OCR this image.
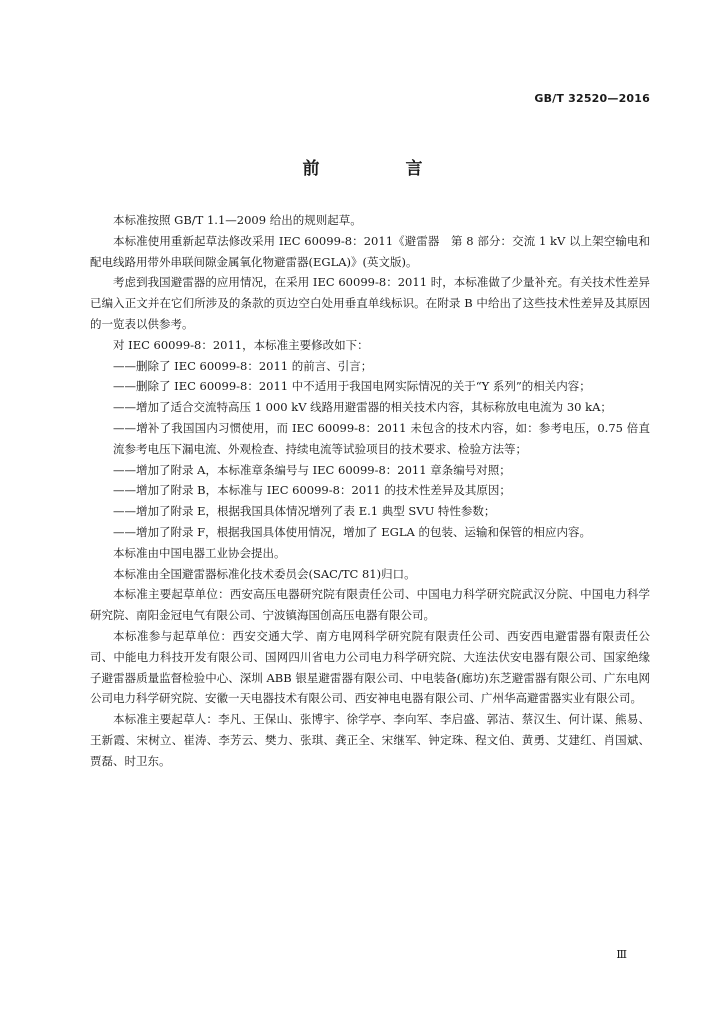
GB/T 32520—2016
前 言

本标准按照 GB/T 1.1—2009 给出的规则起草。

本标准使用重新起草法修改采用 IEC 60099-8：2011《避雷器　第 8 部分：交流 1 kV 以上架空输电和配电线路用带外串联间隙金属氧化物避雷器(EGLA)》(英文版)。

考虑到我国避雷器的应用情况，在采用 IEC 60099-8：2011 时，本标准做了少量补充。有关技术性差异已编入正文并在它们所涉及的条款的页边空白处用垂直单线标识。在附录 B 中给出了这些技术性差异及其原因的一览表以供参考。

对 IEC 60099-8：2011，本标准主要修改如下：

——删除了 IEC 60099-8：2011 的前言、引言；

——删除了 IEC 60099-8：2011 中不适用于我国电网实际情况的关于“Y 系列”的相关内容；

——增加了适合交流特高压 1 000 kV 线路用避雷器的相关技术内容，其标称放电电流为 30 kA；

——增补了我国国内习惯使用，而 IEC 60099-8：2011 未包含的技术内容，如：参考电压，0.75 倍直流参考电压下漏电流、外观检查、持续电流等试验项目的技术要求、检验方法等；

——增加了附录 A，本标准章条编号与 IEC 60099-8：2011 章条编号对照；

——增加了附录 B，本标准与 IEC 60099-8：2011 的技术性差异及其原因；

——增加了附录 E，根据我国具体情况增列了表 E.1 典型 SVU 特性参数；

——增加了附录 F，根据我国具体使用情况，增加了 EGLA 的包装、运输和保管的相应内容。

本标准由中国电器工业协会提出。

本标准由全国避雷器标准化技术委员会(SAC/TC 81)归口。

本标准主要起草单位：西安高压电器研究院有限责任公司、中国电力科学研究院武汉分院、中国电力科学研究院、南阳金冠电气有限公司、宁波镇海国创高压电器有限公司。

本标准参与起草单位：西安交通大学、南方电网科学研究院有限责任公司、西安西电避雷器有限责任公司、中能电力科技开发有限公司、国网四川省电力公司电力科学研究院、大连法伏安电器有限公司、国家绝缘子避雷器质量监督检验中心、深圳 ABB 银星避雷器有限公司、中电装备(廊坊)东芝避雷器有限公司、广东电网公司电力科学研究院、安徽一天电器技术有限公司、西安神电电器有限公司、广州华高避雷器实业有限公司。

本标准主要起草人：李凡、王保山、张博宇、徐学亭、李向军、李启盛、郭洁、蔡汉生、何计谋、熊易、王新霞、宋树立、崔涛、李芳云、樊力、张琪、龚正全、宋继军、钟定珠、程文伯、黄勇、艾建红、肖国斌、贾磊、时卫东。

Ⅲ
